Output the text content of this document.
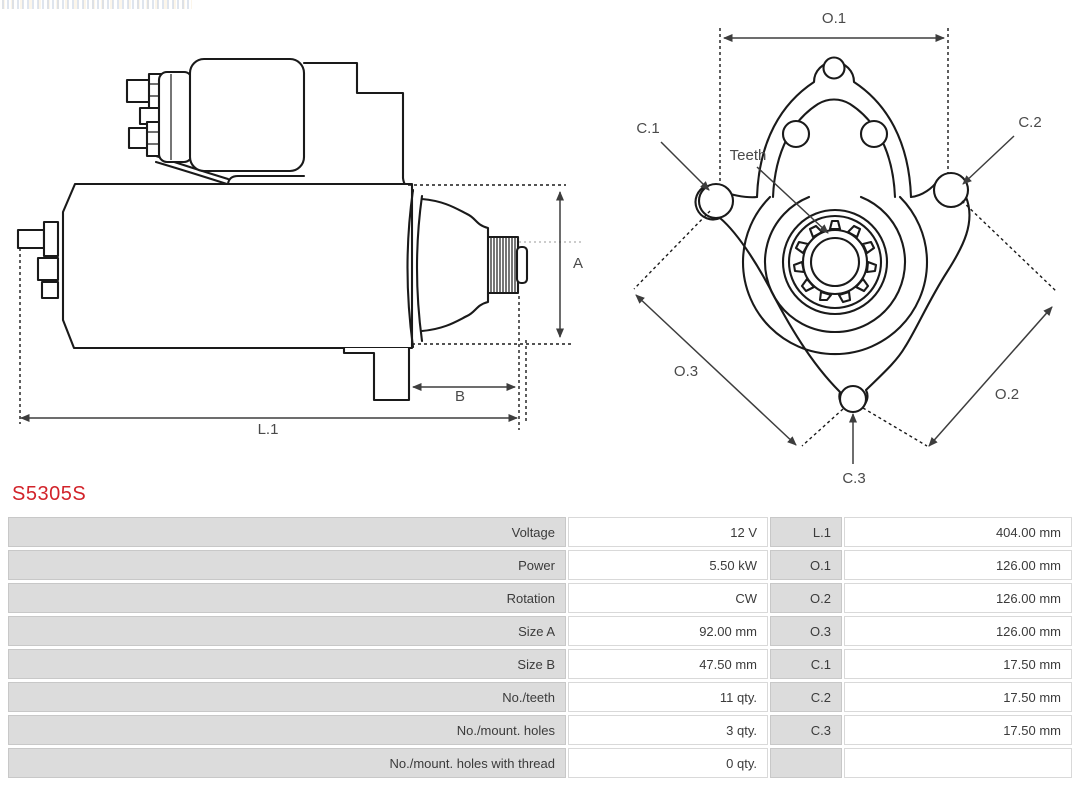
A
B
L.1
O.1
C.1	C.2
Teeth
C.3
O.3
O.2
S5305S
Voltage	12 V	L.1	404.00 mm
Power	5.50 kW	O.1	126.00 mm
Rotation	CW	O.2	126.00 mm
Size A	92.00 mm	O.3	126.00 mm
Size B	47.50 mm	C.1	17.50 mm
No./teeth	11 qty.	C.2	17.50 mm
No./mount. holes	3 qty.	C.3	17.50 mm
No./mount. holes with thread	0 qty.
